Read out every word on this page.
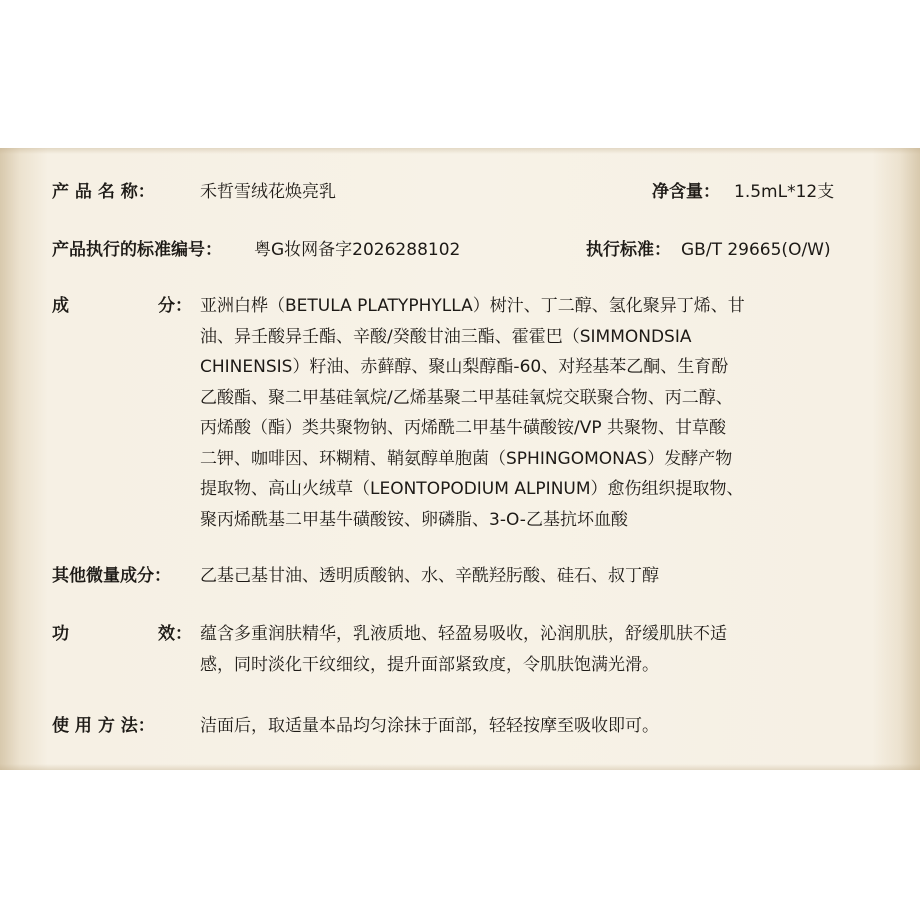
产 品 名 称：	禾哲雪绒花焕亮乳	净含量： 1.5mL*12支
产品执行的标准编号： 粤G妆网备字2026288102	执行标准： GB/T 29665(O/W)
成	分： 亚洲白桦（BETULA PLATYPHYLLA）树汁、丁二醇、氢化聚异丁烯、甘
油、异壬酸异壬酯、辛酸/癸酸甘油三酯、霍霍巴（SIMMONDSIA
CHINENSIS）籽油、赤藓醇、聚山梨醇酯-60、对羟基苯乙酮、生育酚
乙酸酯、聚二甲基硅氧烷/乙烯基聚二甲基硅氧烷交联聚合物、丙二醇、
丙烯酸（酯）类共聚物钠、丙烯酰二甲基牛磺酸铵/VP 共聚物、甘草酸
二钾、咖啡因、环糊精、鞘氨醇单胞菌（SPHINGOMONAS）发酵产物
提取物、高山火绒草（LEONTOPODIUM ALPINUM）愈伤组织提取物、
聚丙烯酰基二甲基牛磺酸铵、卵磷脂、3-O-乙基抗坏血酸
其他微量成分： 乙基己基甘油、透明质酸钠、水、辛酰羟肟酸、硅石、叔丁醇
功	效： 蕴含多重润肤精华，乳液质地、轻盈易吸收，沁润肌肤，舒缓肌肤不适
感，同时淡化干纹细纹，提升面部紧致度，令肌肤饱满光滑。
使 用 方 法：	洁面后，取适量本品均匀涂抹于面部，轻轻按摩至吸收即可。
